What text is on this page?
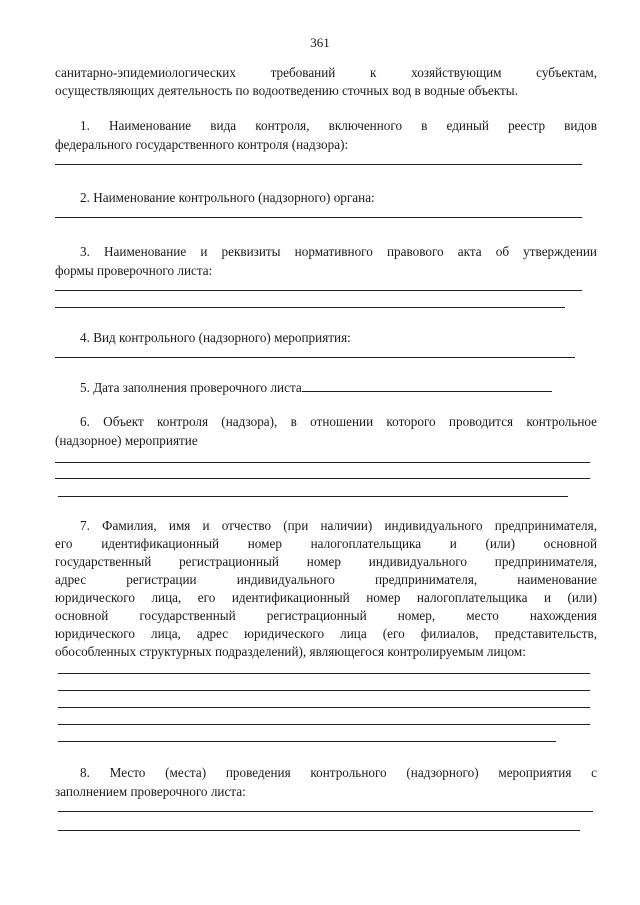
361
санитарно-эпидемиологических требований к хозяйствующим субъектам,
осуществляющих деятельность по водоотведению сточных вод в водные объекты.
1. Наименование вида контроля, включенного в единый реестр видов
федерального государственного контроля (надзора):
2. Наименование контрольного (надзорного) органа:
3. Наименование и реквизиты нормативного правового акта об утверждении
формы проверочного листа:
4. Вид контрольного (надзорного) мероприятия:
5. Дата заполнения проверочного листа
6. Объект контроля (надзора), в отношении которого проводится контрольное
(надзорное) мероприятие
7. Фамилия, имя и отчество (при наличии) индивидуального предпринимателя,
его идентификационный номер налогоплательщика и (или) основной
государственный регистрационный номер индивидуального предпринимателя,
адрес регистрации индивидуального предпринимателя, наименование
юридического лица, его идентификационный номер налогоплательщика и (или)
основной государственный регистрационный номер, место нахождения
юридического лица, адрес юридического лица (его филиалов, представительств,
обособленных структурных подразделений), являющегося контролируемым лицом:
8. Место (места) проведения контрольного (надзорного) мероприятия с
заполнением проверочного листа:
